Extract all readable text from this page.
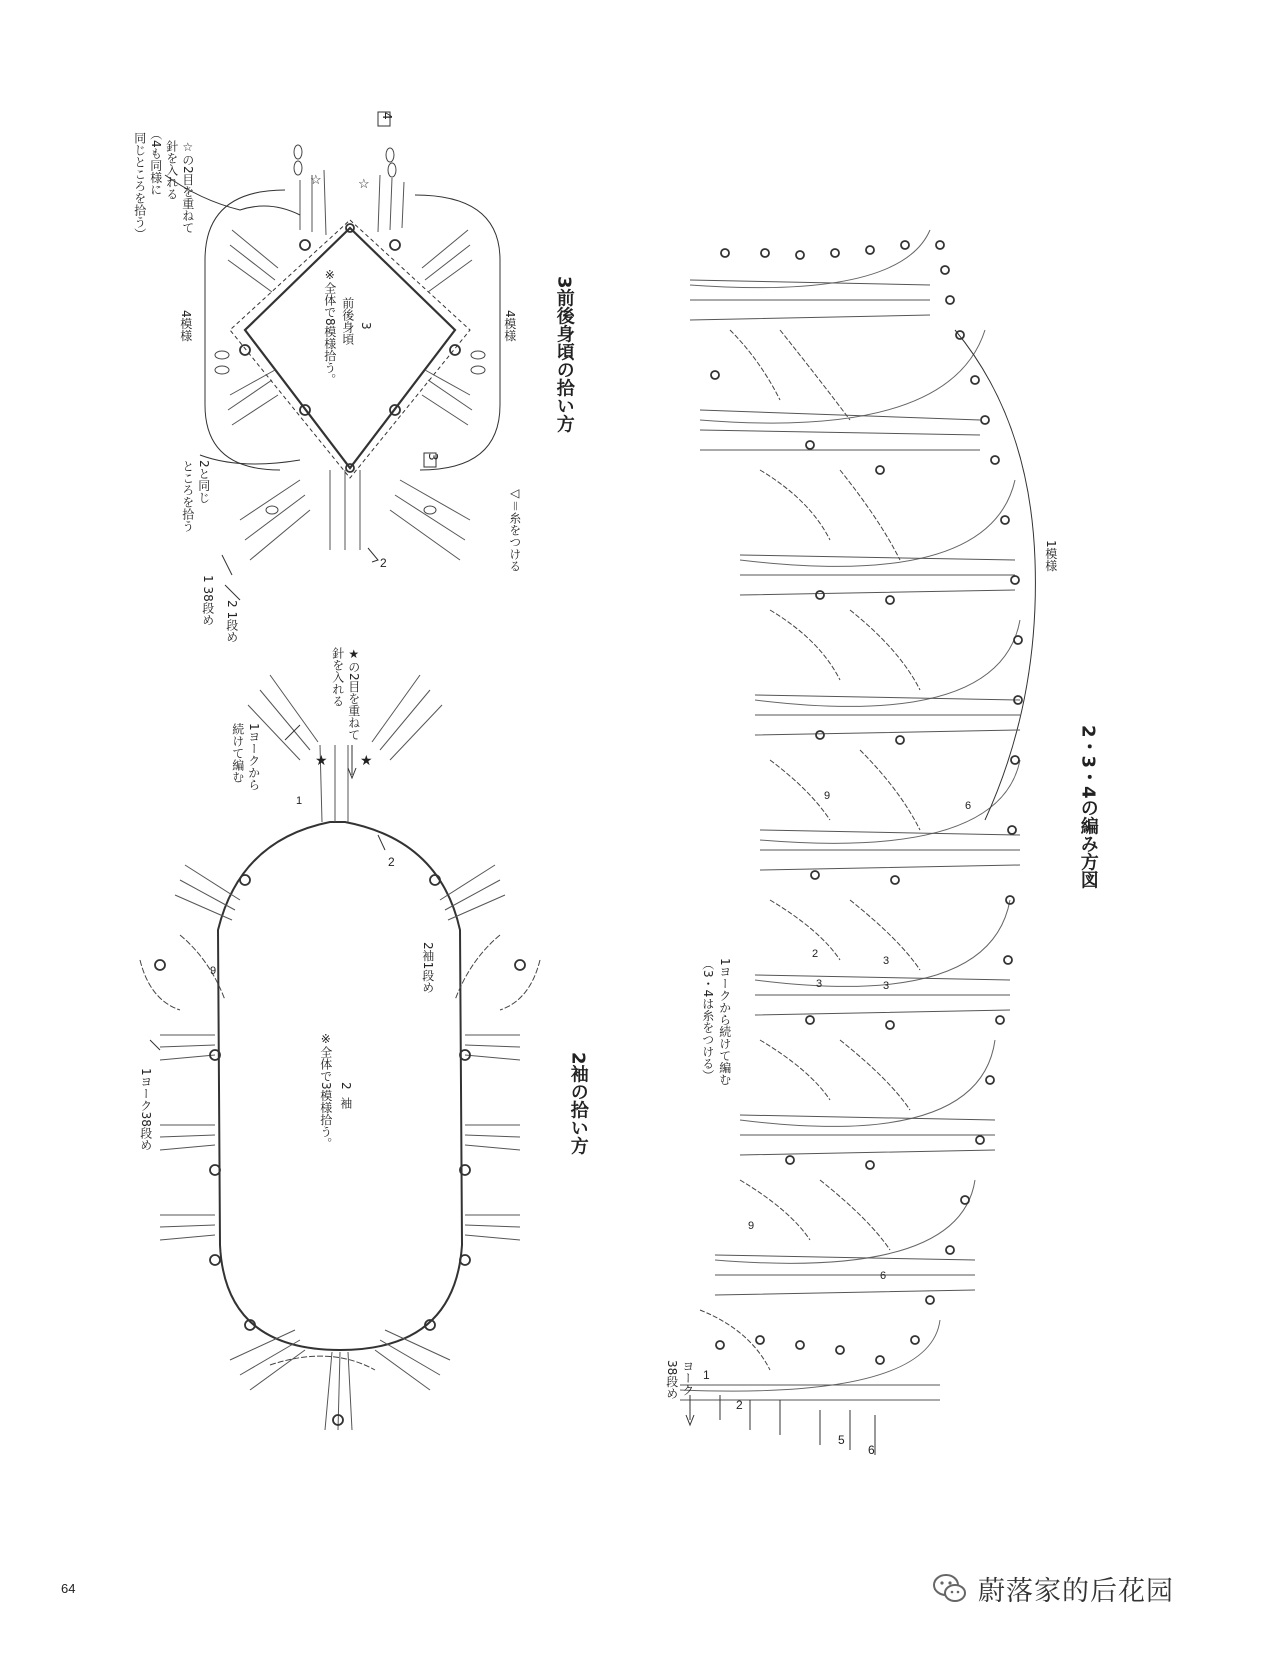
★ ★
3前後身頃の拾い方
3
前後身頃
※全体で8模様拾う。
4模様	4模様
☆の2目を重ねて
針を入れる
（4も同様に
同じところを拾う）
4
3
2と同じ
ところを拾う
1 38段め 2 1段め
2	◁＝糸をつける
☆	☆
2袖の拾い方
2
袖
※全体で3模様拾う。
★の2目を重ねて
針を入れる
1ヨークから
続けて編む
2袖1段め
1ヨーク38段め
9
2
1	2・3・4の編み方図
1模様
1ヨークから続けて編む
（3・4は糸をつける）
ヨーク
38段め 1
2
5
6
9
6
2
3
3
3
9
6
64	蔚落家的后花园
